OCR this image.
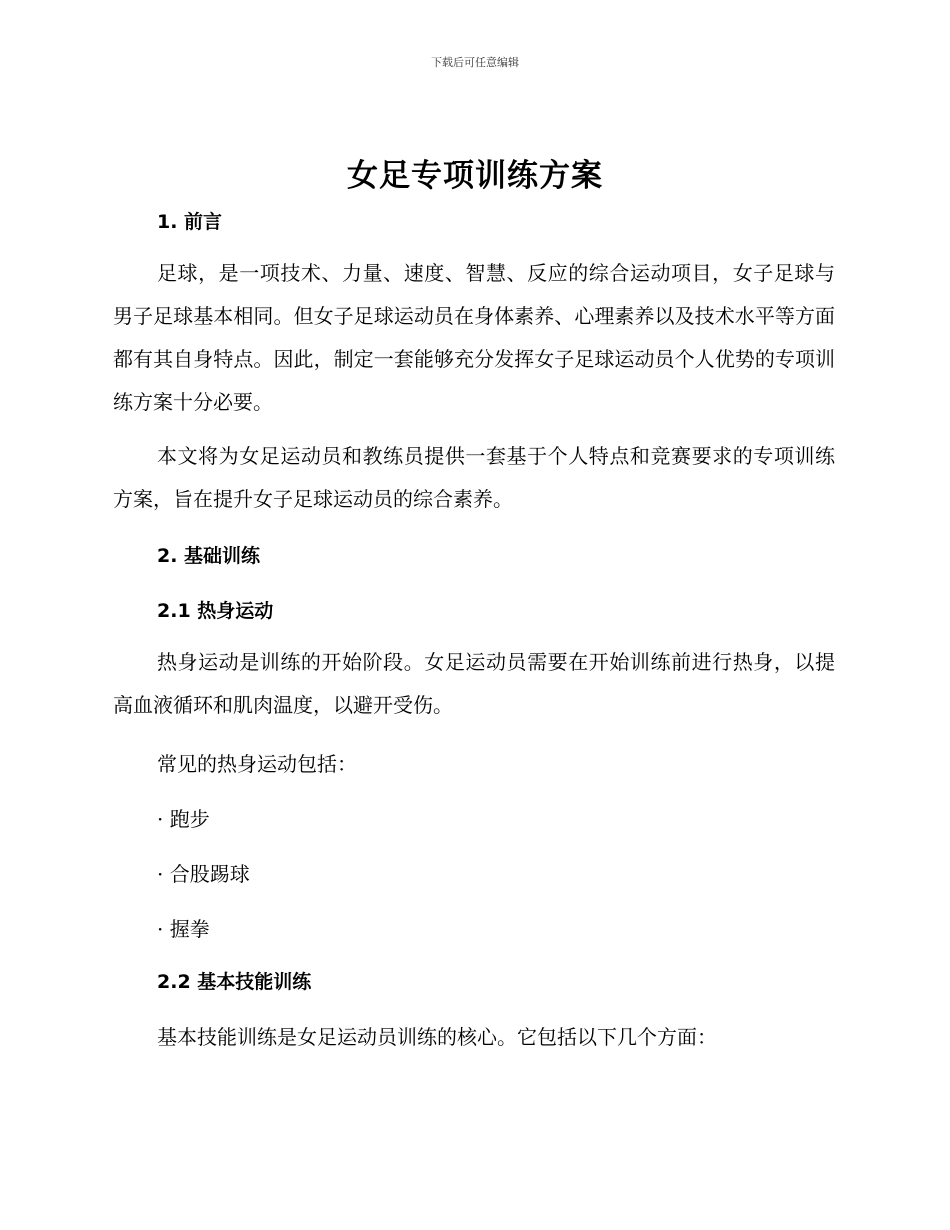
下载后可任意编辑
女足专项训练方案
1. 前言

足球，是一项技术、力量、速度、智慧、反应的综合运动项目，女子足球与男子足球基本相同。但女子足球运动员在身体素养、心理素养以及技术水平等方面都有其自身特点。因此，制定一套能够充分发挥女子足球运动员个人优势的专项训练方案十分必要。

本文将为女足运动员和教练员提供一套基于个人特点和竞赛要求的专项训练方案，旨在提升女子足球运动员的综合素养。

2. 基础训练
2.1 热身运动

热身运动是训练的开始阶段。女足运动员需要在开始训练前进行热身，以提高血液循环和肌肉温度，以避开受伤。

常见的热身运动包括：
· 跑步
· 合股踢球
· 握拳
2.2 基本技能训练
基本技能训练是女足运动员训练的核心。它包括以下几个方面：
